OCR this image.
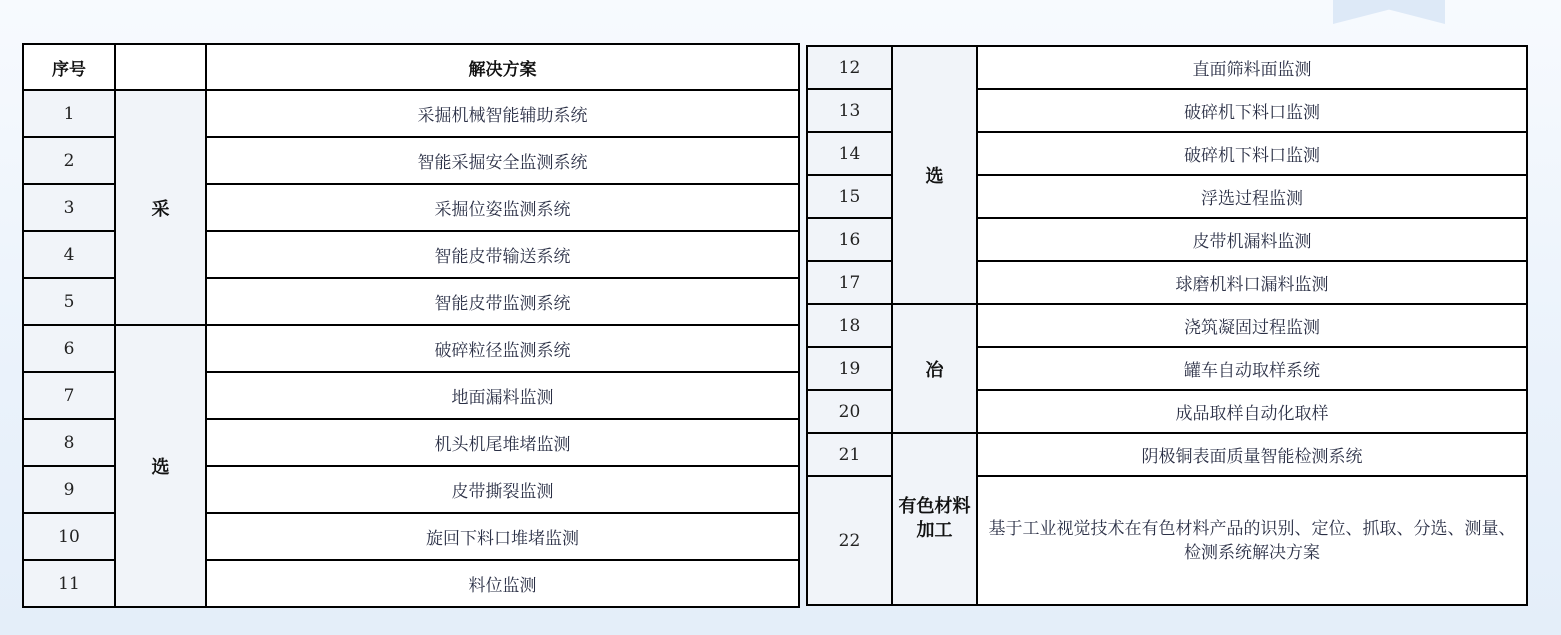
序号		解决方案
1	采	采掘机械智能辅助系统
2		智能采掘安全监测系统
3		采掘位姿监测系统
4		智能皮带输送系统
5		智能皮带监测系统
6	选	破碎粒径监测系统
7		地面漏料监测
8		机头机尾堆堵监测
9		皮带撕裂监测
10		旋回下料口堆堵监测
11		料位监测
12	选	直面筛料面监测
13		破碎机下料口监测
14		破碎机下料口监测
15		浮选过程监测
16		皮带机漏料监测
17		球磨机料口漏料监测
18	冶	浇筑凝固过程监测
19		罐车自动取样系统
20		成品取样自动化取样
21	有色材料加工	阴极铜表面质量智能检测系统
22		基于工业视觉技术在有色材料产品的识别、定位、抓取、分选、测量、检测系统解决方案
